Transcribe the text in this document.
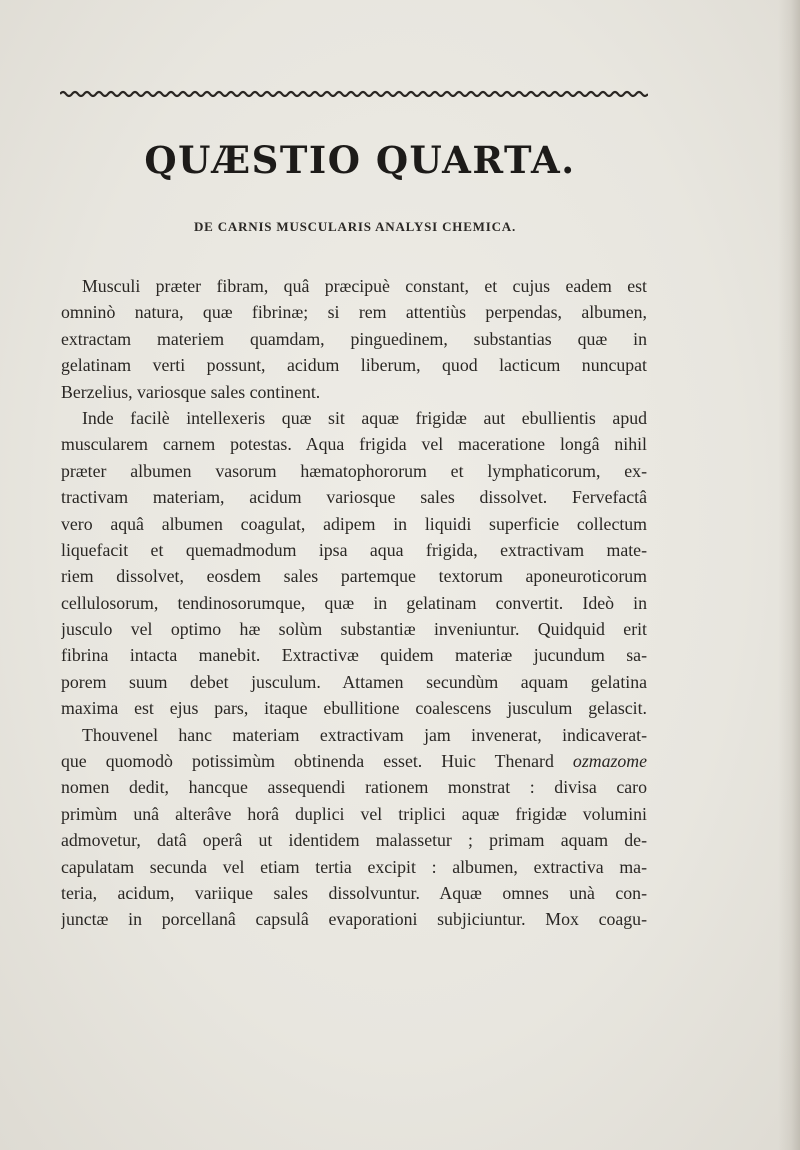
QUÆSTIO QUARTA.
DE CARNIS MUSCULARIS ANALYSI CHEMICA.
Musculi præter fibram, quâ præcipuè constant, et cujus eadem est
omninò natura, quæ fibrinæ; si rem attentiùs perpendas, albumen,
extractam materiem quamdam, pinguedinem, substantias quæ in
gelatinam verti possunt, acidum liberum, quod lacticum nuncupat
Berzelius, variosque sales continent.
Inde facilè intellexeris quæ sit aquæ frigidæ aut ebullientis apud
muscularem carnem potestas. Aqua frigida vel maceratione longâ nihil
præter albumen vasorum hæmatophororum et lymphaticorum, ex-
tractivam materiam, acidum variosque sales dissolvet. Fervefactâ
vero aquâ albumen coagulat, adipem in liquidi superficie collectum
liquefacit et quemadmodum ipsa aqua frigida, extractivam mate-
riem dissolvet, eosdem sales partemque textorum aponeuroticorum
cellulosorum, tendinosorumque, quæ in gelatinam convertit. Ideò in
jusculo vel optimo hæ solùm substantiæ inveniuntur. Quidquid erit
fibrina intacta manebit. Extractivæ quidem materiæ jucundum sa-
porem suum debet jusculum. Attamen secundùm aquam gelatina
maxima est ejus pars, itaque ebullitione coalescens jusculum gelascit.
Thouvenel hanc materiam extractivam jam invenerat, indicaverat-
que quomodò potissimùm obtinenda esset. Huic Thenard ozmazome
nomen dedit, hancque assequendi rationem monstrat : divisa caro
primùm unâ alterâve horâ duplici vel triplici aquæ frigidæ volumini
admovetur, datâ operâ ut identidem malassetur ; primam aquam de-
capulatam secunda vel etiam tertia excipit : albumen, extractiva ma-
teria, acidum, variique sales dissolvuntur. Aquæ omnes unà con-
junctæ in porcellanâ capsulâ evaporationi subjiciuntur. Mox coagu-
